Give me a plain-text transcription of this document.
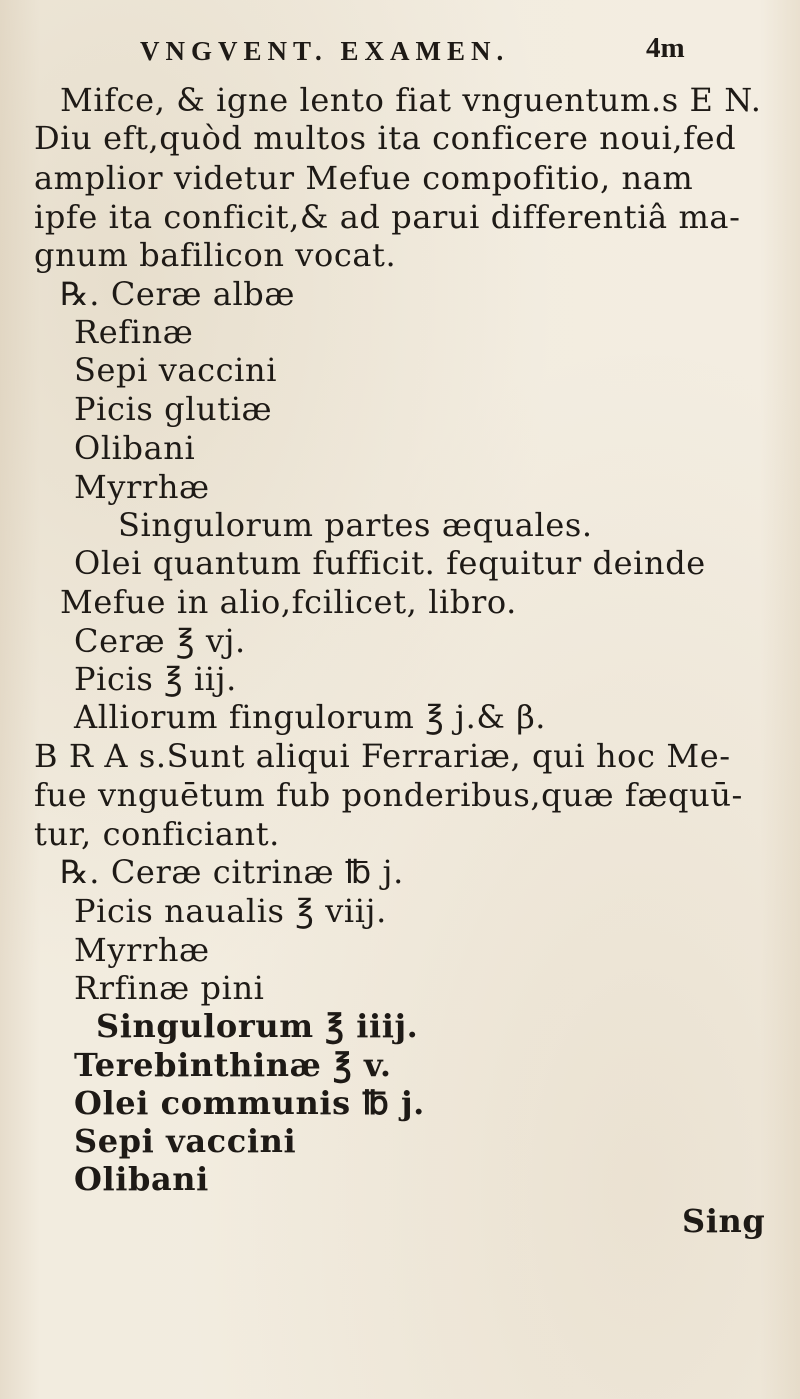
VNGVENT. EXAMEN.	4m
Mifce, & igne lento fiat vnguentum.s E N.
Diu eft,quòd multos ita conficere noui,fed
amplior videtur Mefue compofitio, nam
ipfe ita conficit,& ad parui differentiâ ma-
gnum bafilicon vocat.
℞. Ceræ albæ
Refinæ
Sepi vaccini
Picis glutiæ
Olibani
Myrrhæ
Singulorum partes æquales.
Olei quantum fufficit. fequitur deinde
Mefue in alio,fcilicet, libro.
Ceræ ℥ vj.
Picis ℥ iij.
Alliorum fingulorum ℥ j.& β.
B R A s.Sunt aliqui Ferrariæ, qui hoc Me-
fue vnguētum fub ponderibus,quæ fæquū-
tur, conficiant.
℞. Ceræ citrinæ ℔ j.
Picis naualis ℥ viij.
Myrrhæ
Rrfinæ pini
Singulorum ℥ iiij.
Terebinthinæ ℥ v.
Olei communis ℔ j.
Sepi vaccini
Olibani
Sing
